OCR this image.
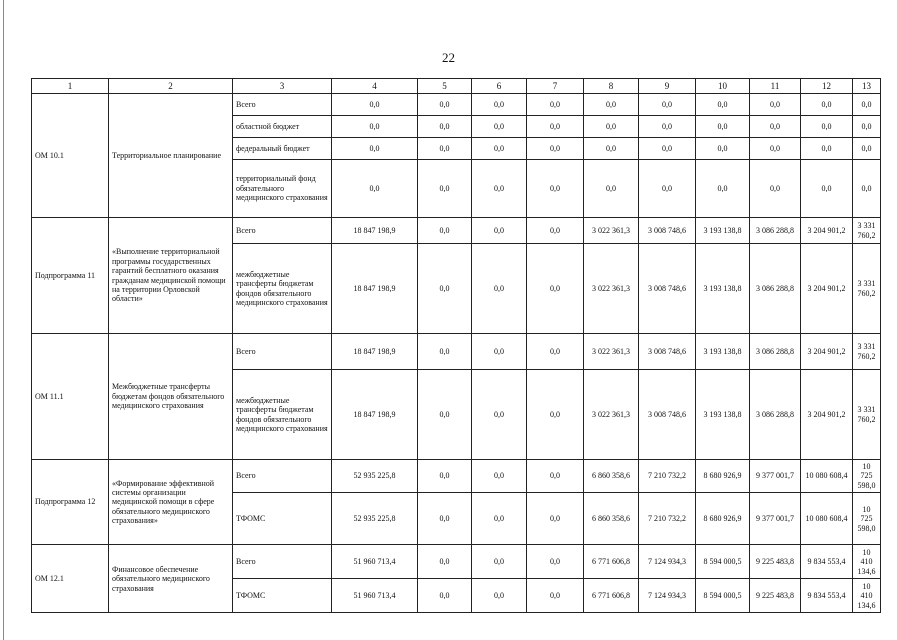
22
1	2	3	4	5	6	7	8	9	10	11	12	13
ОМ 10.1	Территориальное планирование	Всего	0,0	0,0	0,0	0,0	0,0	0,0	0,0	0,0	0,0	0,0
		областной бюджет	0,0	0,0	0,0	0,0	0,0	0,0	0,0	0,0	0,0	0,0
		федеральный бюджет	0,0	0,0	0,0	0,0	0,0	0,0	0,0	0,0	0,0	0,0
		территориальный фонд обязательного медицинского страхования	0,0	0,0	0,0	0,0	0,0	0,0	0,0	0,0	0,0	0,0
Подпрограмма 11	«Выполнение территориальной программы государственных гарантий бесплатного оказания гражданам медицинской помощи на территории Орловской области»	Всего	18 847 198,9	0,0	0,0	0,0	3 022 361,3	3 008 748,6	3 193 138,8	3 086 288,8	3 204 901,2	3 331 760,2
		межбюджетные трансферты бюджетам фондов обязательного медицинского страхования	18 847 198,9	0,0	0,0	0,0	3 022 361,3	3 008 748,6	3 193 138,8	3 086 288,8	3 204 901,2	3 331 760,2
ОМ 11.1	Межбюджетные трансферты бюджетам фондов обязательного медицинского страхования	Всего	18 847 198,9	0,0	0,0	0,0	3 022 361,3	3 008 748,6	3 193 138,8	3 086 288,8	3 204 901,2	3 331 760,2
		межбюджетные трансферты бюджетам фондов обязательного медицинского страхования	18 847 198,9	0,0	0,0	0,0	3 022 361,3	3 008 748,6	3 193 138,8	3 086 288,8	3 204 901,2	3 331 760,2
Подпрограмма 12	«Формирование эффективной системы организации медицинской помощи в сфере обязательного медицинского страхования»	Всего	52 935 225,8	0,0	0,0	0,0	6 860 358,6	7 210 732,2	8 680 926,9	9 377 001,7	10 080 608,4	10 725 598,0
		ТФОМС	52 935 225,8	0,0	0,0	0,0	6 860 358,6	7 210 732,2	8 680 926,9	9 377 001,7	10 080 608,4	10 725 598,0
ОМ 12.1	Финансовое обеспечение обязательного медицинского страхования	Всего	51 960 713,4	0,0	0,0	0,0	6 771 606,8	7 124 934,3	8 594 000,5	9 225 483,8	9 834 553,4	10 410 134,6
		ТФОМС	51 960 713,4	0,0	0,0	0,0	6 771 606,8	7 124 934,3	8 594 000,5	9 225 483,8	9 834 553,4	10 410 134,6
